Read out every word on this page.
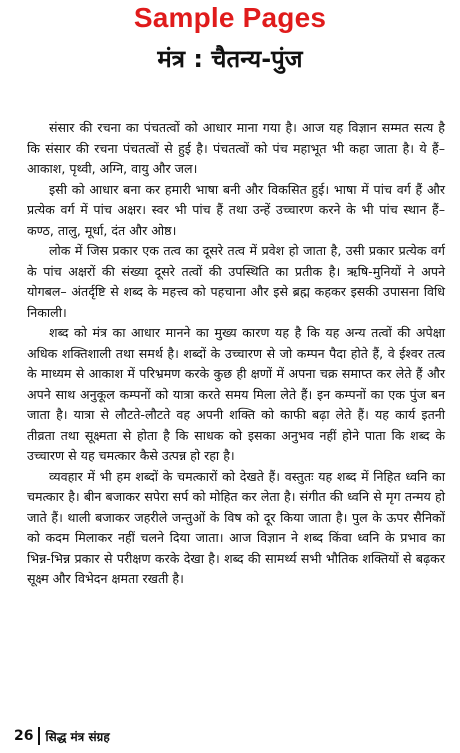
Sample Pages
मंत्र : चैतन्य-पुंज

संसार की रचना का पंचतत्वों को आधार माना गया है। आज यह विज्ञान सम्मत सत्य है कि संसार की रचना पंचतत्वों से हुई है। पंचतत्वों को पंच महाभूत भी कहा जाता है। ये हैं– आकाश, पृथ्वी, अग्नि, वायु और जल।

इसी को आधार बना कर हमारी भाषा बनी और विकसित हुई। भाषा में पांच वर्ग हैं और प्रत्येक वर्ग में पांच अक्षर। स्वर भी पांच हैं तथा उन्हें उच्चारण करने के भी पांच स्थान हैं– कण्ठ, तालु, मूर्धा, दंत और ओष्ठ।

लोक में जिस प्रकार एक तत्व का दूसरे तत्व में प्रवेश हो जाता है, उसी प्रकार प्रत्येक वर्ग के पांच अक्षरों की संख्या दूसरे तत्वों की उपस्थिति का प्रतीक है। ऋषि-मुनियों ने अपने योगबल– अंतर्दृष्टि से शब्द के महत्त्व को पहचाना और इसे ब्रह्म कहकर इसकी उपासना विधि निकाली।

शब्द को मंत्र का आधार मानने का मुख्य कारण यह है कि यह अन्य तत्वों की अपेक्षा अधिक शक्तिशाली तथा समर्थ है। शब्दों के उच्चारण से जो कम्पन पैदा होते हैं, वे ईश्वर तत्व के माध्यम से आकाश में परिभ्रमण करके कुछ ही क्षणों में अपना चक्र समाप्त कर लेते हैं और अपने साथ अनुकूल कम्पनों को यात्रा करते समय मिला लेते हैं। इन कम्पनों का एक पुंज बन जाता है। यात्रा से लौटते-लौटते वह अपनी शक्ति को काफी बढ़ा लेते हैं। यह कार्य इतनी तीव्रता तथा सूक्ष्मता से होता है कि साधक को इसका अनुभव नहीं होने पाता कि शब्द के उच्चारण से यह चमत्कार कैसे उत्पन्न हो रहा है।

व्यवहार में भी हम शब्दों के चमत्कारों को देखते हैं। वस्तुतः यह शब्द में निहित ध्वनि का चमत्कार है। बीन बजाकर सपेरा सर्प को मोहित कर लेता है। संगीत की ध्वनि से मृग तन्मय हो जाते हैं। थाली बजाकर जहरीले जन्तुओं के विष को दूर किया जाता है। पुल के ऊपर सैनिकों को कदम मिलाकर नहीं चलने दिया जाता। आज विज्ञान ने शब्द किंवा ध्वनि के प्रभाव का भिन्न-भिन्न प्रकार से परीक्षण करके देखा है। शब्द की सामर्थ्य सभी भौतिक शक्तियों से बढ़कर सूक्ष्म और विभेदन क्षमता रखती है।

26	सिद्ध मंत्र संग्रह
